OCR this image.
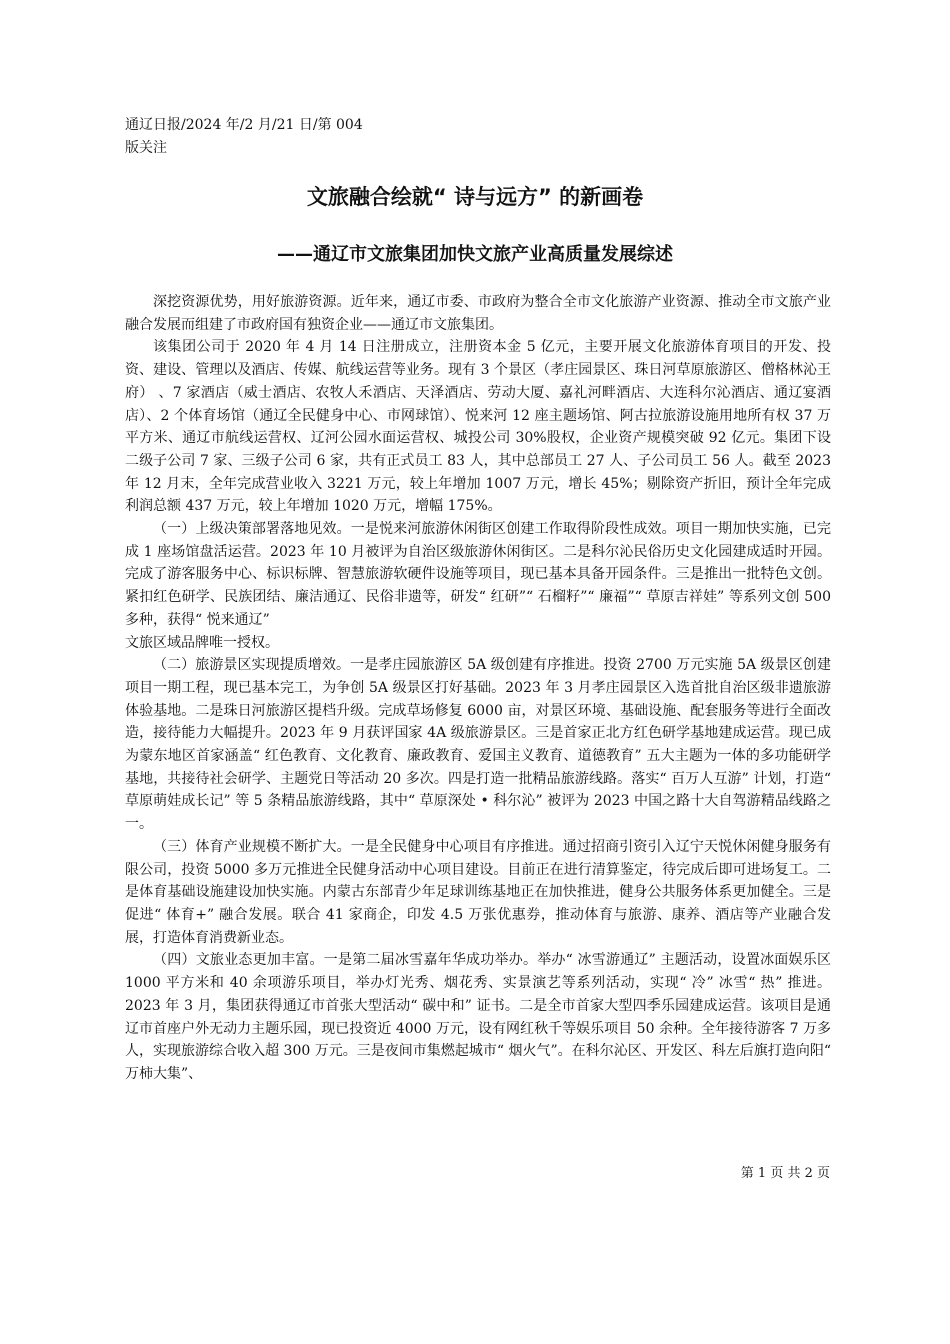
通辽日报/2024 年/2 月/21 日/第 004
版关注
文旅融合绘就“ 诗与远方” 的新画卷
——通辽市文旅集团加快文旅产业高质量发展综述

深挖资源优势，用好旅游资源。近年来，通辽市委、市政府为整合全市文化旅游产业资源、推动全市文旅产业融合发展而组建了市政府国有独资企业——通辽市文旅集团。

该集团公司于 2020 年 4 月 14 日注册成立，注册资本金 5 亿元，主要开展文化旅游体育项目的开发、投资、建设、管理以及酒店、传媒、航线运营等业务。现有 3 个景区（孝庄园景区、珠日河草原旅游区、僧格林沁王府） 、7 家酒店（威士酒店、农牧人禾酒店、天泽酒店、劳动大厦、嘉礼河畔酒店、大连科尔沁酒店、通辽宴酒店）、2 个体育场馆（通辽全民健身中心、市网球馆）、悦来河 12 座主题场馆、阿古拉旅游设施用地所有权 37 万平方米、通辽市航线运营权、辽河公园水面运营权、城投公司 30%股权，企业资产规模突破 92 亿元。集团下设二级子公司 7 家、三级子公司 6 家，共有正式员工 83 人，其中总部员工 27 人、子公司员工 56 人。截至 2023 年 12 月末，全年完成营业收入 3221 万元，较上年增加 1007 万元，增长 45%；剔除资产折旧，预计全年完成利润总额 437 万元，较上年增加 1020 万元，增幅 175%。

（一）上级决策部署落地见效。一是悦来河旅游休闲街区创建工作取得阶段性成效。项目一期加快实施，已完成 1 座场馆盘活运营。2023 年 10 月被评为自治区级旅游休闲街区。二是科尔沁民俗历史文化园建成适时开园。完成了游客服务中心、标识标牌、智慧旅游软硬件设施等项目，现已基本具备开园条件。三是推出一批特色文创。紧扣红色研学、民族团结、廉洁通辽、民俗非遗等，研发“ 红研”“ 石榴籽”“ 廉福”“ 草原吉祥娃” 等系列文创 500 多种，获得“ 悦来通辽”

文旅区域品牌唯一授权。

（二）旅游景区实现提质增效。一是孝庄园旅游区 5A 级创建有序推进。投资 2700 万元实施 5A 级景区创建项目一期工程，现已基本完工，为争创 5A 级景区打好基础。2023 年 3 月孝庄园景区入选首批自治区级非遗旅游体验基地。二是珠日河旅游区提档升级。完成草场修复 6000 亩，对景区环境、基础设施、配套服务等进行全面改造，接待能力大幅提升。2023 年 9 月获评国家 4A 级旅游景区。三是首家正北方红色研学基地建成运营。现已成为蒙东地区首家涵盖“ 红色教育、文化教育、廉政教育、爱国主义教育、道德教育” 五大主题为一体的多功能研学基地，共接待社会研学、主题党日等活动 20 多次。四是打造一批精品旅游线路。落实“ 百万人互游” 计划，打造“ 草原萌娃成长记” 等 5 条精品旅游线路，其中“ 草原深处 • 科尔沁” 被评为 2023 中国之路十大自驾游精品线路之一。

（三）体育产业规模不断扩大。一是全民健身中心项目有序推进。通过招商引资引入辽宁天悦休闲健身服务有限公司，投资 5000 多万元推进全民健身活动中心项目建设。目前正在进行清算鉴定，待完成后即可进场复工。二是体育基础设施建设加快实施。内蒙古东部青少年足球训练基地正在加快推进，健身公共服务体系更加健全。三是促进“ 体育+” 融合发展。联合 41 家商企，印发 4.5 万张优惠券，推动体育与旅游、康养、酒店等产业融合发展，打造体育消费新业态。

（四）文旅业态更加丰富。一是第二届冰雪嘉年华成功举办。举办“ 冰雪游通辽” 主题活动，设置冰面娱乐区 1000 平方米和 40 余项游乐项目，举办灯光秀、烟花秀、实景演艺等系列活动，实现“ 冷” 冰雪“ 热” 推进。2023 年 3 月，集团获得通辽市首张大型活动“ 碳中和” 证书。二是全市首家大型四季乐园建成运营。该项目是通辽市首座户外无动力主题乐园，现已投资近 4000 万元，设有网红秋千等娱乐项目 50 余种。全年接待游客 7 万多人，实现旅游综合收入超 300 万元。三是夜间市集燃起城市“ 烟火气”。在科尔沁区、开发区、科左后旗打造向阳“ 万柿大集”、

第 1 页 共 2 页
